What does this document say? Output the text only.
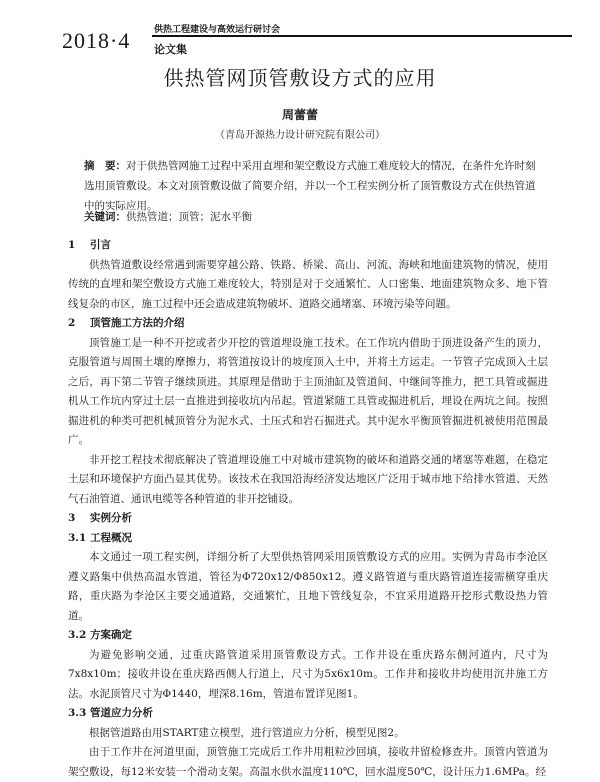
2018·4	供热工程建设与高效运行研讨会
论文集
供热管网顶管敷设方式的应用
周蕾蕾
（青岛开源热力设计研究院有限公司）
摘　要：对于供热管网施工过程中采用直埋和架空敷设方式施工难度较大的情况，在条件允许时刻选用顶管敷设。本文对顶管敷设做了简要介绍，并以一个工程实例分析了顶管敷设方式在供热管道中的实际应用。
关键词：供热管道；顶管；泥水平衡

1 引言

供热管道敷设经常遇到需要穿越公路、铁路、桥梁、高山、河流、海峡和地面建筑物的情况，使用传统的直埋和架空敷设方式施工难度较大，特别是对于交通繁忙、人口密集、地面建筑物众多、地下管线复杂的市区，施工过程中还会造成建筑物破坏、道路交通堵塞、环境污染等问题。

2 顶管施工方法的介绍

顶管施工是一种不开挖或者少开挖的管道埋设施工技术。在工作坑内借助于顶进设备产生的顶力，克服管道与周围土壤的摩擦力，将管道按设计的坡度顶入土中，并将土方运走。一节管子完成顶入土层之后，再下第二节管子继续顶进。其原理是借助于主顶油缸及管道间、中继间等推力，把工具管或掘进机从工作坑内穿过土层一直推进到接收坑内吊起。管道紧随工具管或掘进机后，埋设在两坑之间。按照掘进机的种类可把机械顶管分为泥水式、土压式和岩石掘进式。其中泥水平衡顶管掘进机被使用范围最广。

非开挖工程技术彻底解决了管道埋设施工中对城市建筑物的破坏和道路交通的堵塞等难题，在稳定土层和环境保护方面凸显其优势。该技术在我国沿海经济发达地区广泛用于城市地下给排水管道、天然气石油管道、通讯电缆等各种管道的非开挖铺设。

3 实例分析

3.1 工程概况

本文通过一项工程实例，详细分析了大型供热管网采用顶管敷设方式的应用。实例为青岛市李沧区遵义路集中供热高温水管道，管径为Φ720x12/Φ850x12。遵义路管道与重庆路管道连接需横穿重庆路，重庆路为李沧区主要交通道路，交通繁忙，且地下管线复杂，不宜采用道路开挖形式敷设热力管道。

3.2 方案确定

为避免影响交通，过重庆路管道采用顶管敷设方式。工作井设在重庆路东侧河道内，尺寸为7x8x10m；接收井设在重庆路西侧人行道上，尺寸为5x6x10m。工作井和接收井均使用沉井施工方法。水泥顶管尺寸为Φ1440，埋深8.16m，管道布置详见图1。

3.3 管道应力分析

根据管道路由用START建立模型，进行管道应力分析，模型见图2。

由于工作井在河道里面，顶管施工完成后工作井用粗粒沙回填，接收井留检修查井。顶管内管道为架空敷设，每12米安装一个滑动支架。高温水供水温度110℃，回水温度50℃，设计压力1.6MPa。经
